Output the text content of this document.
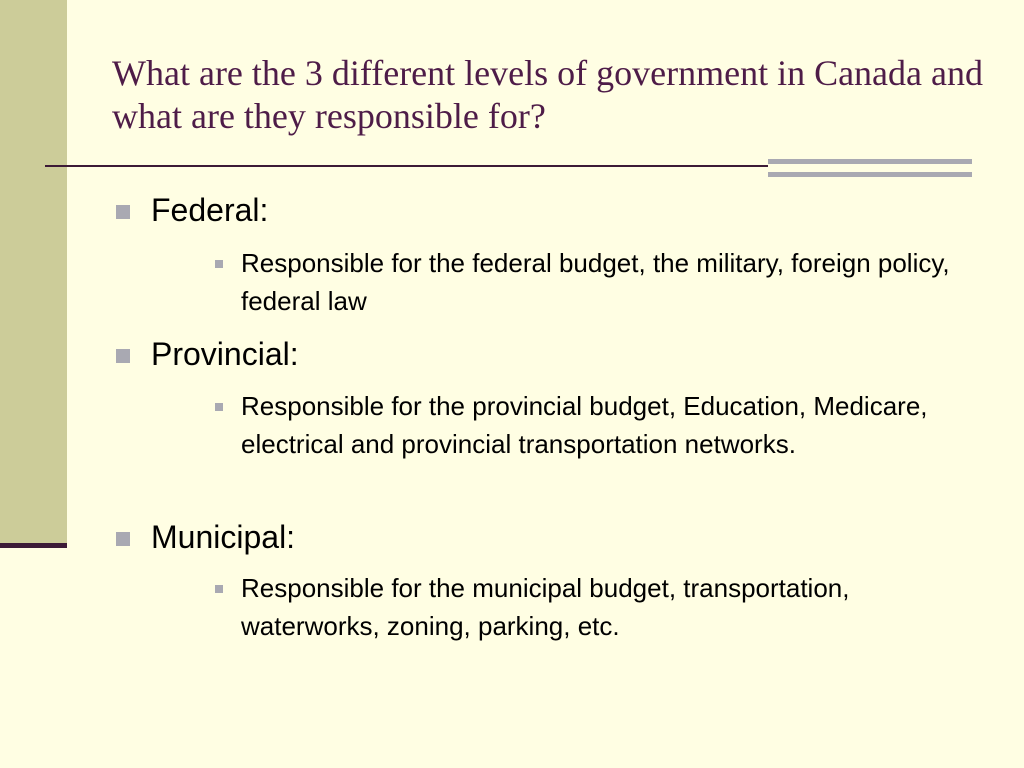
What are the 3 different levels of government in Canada and what are they responsible for?
Federal:
Responsible for the federal budget, the military, foreign policy, federal law
Provincial:
Responsible for the provincial budget, Education, Medicare, electrical and provincial transportation networks.
Municipal:
Responsible for the municipal budget, transportation, waterworks, zoning, parking, etc.
